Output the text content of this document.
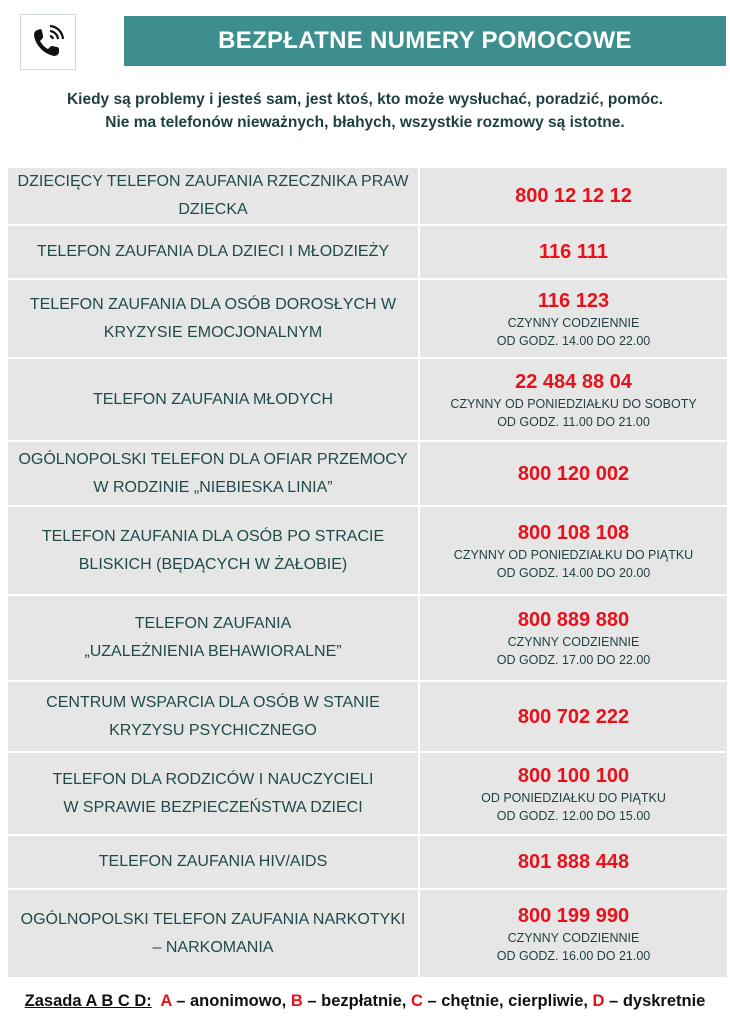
BEZPŁATNE NUMERY POMOCOWE
Kiedy są problemy i jesteś sam, jest ktoś, kto może wysłuchać, poradzić, pomóc.
Nie ma telefonów nieważnych, błahych, wszystkie rozmowy są istotne.
DZIECIĘCY TELEFON ZAUFANIA RZECZNIKA PRAW
DZIECKA	800 12 12 12

TELEFON ZAUFANIA DLA DZIECI I MŁODZIEŻY	116 111

TELEFON ZAUFANIA DLA OSÓB DOROSŁYCH W
KRYZYSIE EMOCJONALNYM	116 123
CZYNNY CODZIENNIE
OD GODZ. 14.00 DO 22.00

TELEFON ZAUFANIA MŁODYCH	22 484 88 04
CZYNNY OD PONIEDZIAŁKU DO SOBOTY
OD GODZ. 11.00 DO 21.00

OGÓLNOPOLSKI TELEFON DLA OFIAR PRZEMOCY
W RODZINIE „NIEBIESKA LINIA”	800 120 002

TELEFON ZAUFANIA DLA OSÓB PO STRACIE
BLISKICH (BĘDĄCYCH W ŻAŁOBIE)	800 108 108
CZYNNY OD PONIEDZIAŁKU DO PIĄTKU
OD GODZ. 14.00 DO 20.00

TELEFON ZAUFANIA
„UZALEŻNIENIA BEHAWIORALNE”	800 889 880
CZYNNY CODZIENNIE
OD GODZ. 17.00 DO 22.00

CENTRUM WSPARCIA DLA OSÓB W STANIE
KRYZYSU PSYCHICZNEGO	800 702 222

TELEFON DLA RODZICÓW I NAUCZYCIELI
W SPRAWIE BEZPIECZEŃSTWA DZIECI	800 100 100
OD PONIEDZIAŁKU DO PIĄTKU
OD GODZ. 12.00 DO 15.00

TELEFON ZAUFANIA HIV/AIDS	801 888 448

OGÓLNOPOLSKI TELEFON ZAUFANIA NARKOTYKI
– NARKOMANIA	800 199 990
CZYNNY CODZIENNIE
OD GODZ. 16.00 DO 21.00
Zasada A B C D: A – anonimowo, B – bezpłatnie, C – chętnie, cierpliwie, D – dyskretnie
